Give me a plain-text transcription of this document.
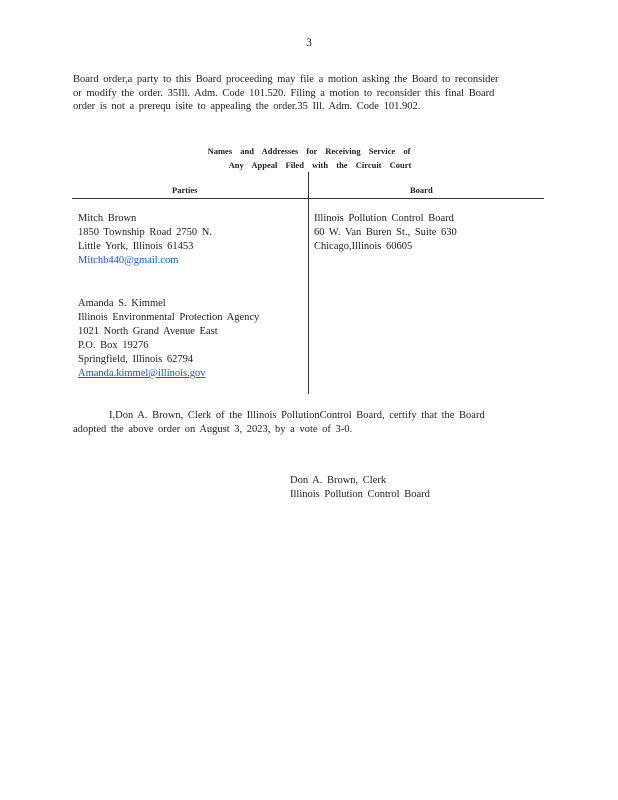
3
Board order,a party to this Board proceeding may file a motion asking the Board to reconsider
or modify the order. 35Ill. Adm. Code 101.520. Filing a motion to reconsider this final Board
order is not a prerequ isite to appealing the order.35 Ill. Adm. Code 101.902.
Names and Addresses for Receiving Service of
Any Appeal Filed with the Circuit Court
Parties	Board
Mitch Brown
1850 Township Road 2750 N.
Little York, Illinois 61453
Mitchb440@gmail.com
Amanda S. Kimmel
Illinois Environmental Protection Agency
1021 North Grand Avenue East
P.O. Box 19276
Springfield, Illinois 62794
Amanda.kimmel@illinois.gov
Illinois Pollution Control Board
60 W. Van Buren St., Suite 630
Chicago,Illinois 60605
I,Don A. Brown, Clerk of the Illinois PollutionControl Board, certify that the Board
adopted the above order on August 3, 2023, by a vote of 3-0.
Don A. Brown, Clerk
Illinois Pollution Control Board
